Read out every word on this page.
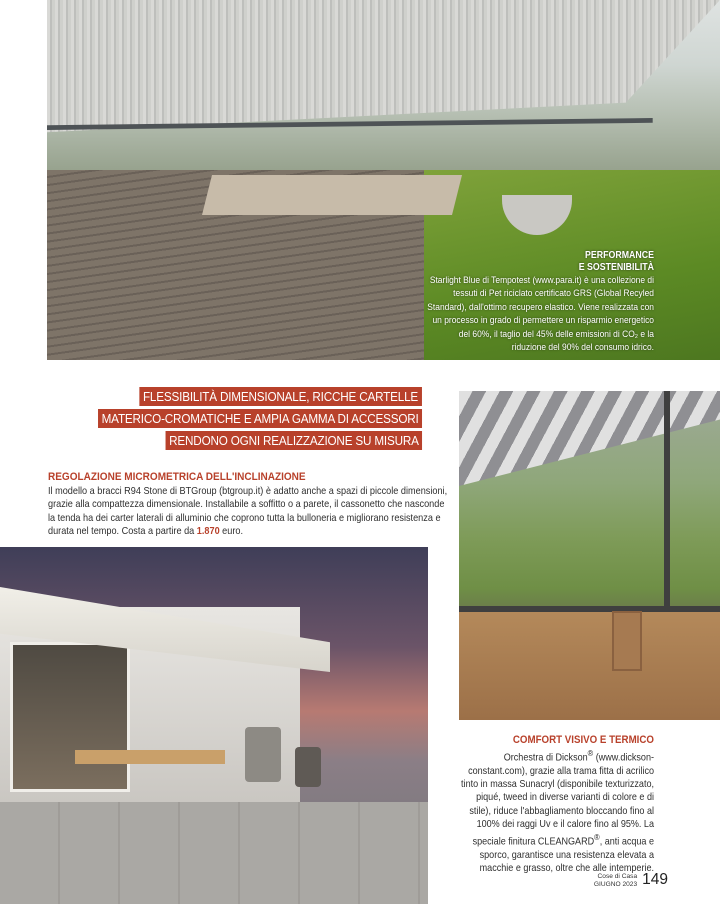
PERFORMANCE
E SOSTENIBILITÀ
Starlight Blue di Tempotest (www.para.it) è una collezione di tessuti di Pet riciclato certificato GRS (Global Recyled Standard), dall'ottimo recupero elastico. Viene realizzata con un processo in grado di permettere un risparmio energetico del 60%, il taglio del 45% delle emissioni di CO₂ e la riduzione del 90% del consumo idrico.
FLESSIBILITÀ DIMENSIONALE, RICCHE CARTELLE
MATERICO-CROMATICHE E AMPIA GAMMA DI ACCESSORI
RENDONO OGNI REALIZZAZIONE SU MISURA
REGOLAZIONE MICROMETRICA DELL'INCLINAZIONE
Il modello a bracci R94 Stone di BTGroup (btgroup.it) è adatto anche a spazi di piccole dimensioni, grazie alla compattezza dimensionale. Installabile a soffitto o a parete, il cassonetto che nasconde la tenda ha dei carter laterali di alluminio che coprono tutta la bulloneria e migliorano resistenza e durata nel tempo. Costa a partire da 1.870 euro.
COMFORT VISIVO E TERMICO
Orchestra di Dickson® (www.dickson-constant.com), grazie alla trama fitta di acrilico tinto in massa Sunacryl (disponibile texturizzato, piqué, tweed in diverse varianti di colore e di stile), riduce l'abbagliamento bloccando fino al 100% dei raggi Uv e il calore fino al 95%. La speciale finitura CLEANGARD®, anti acqua e sporco, garantisce una resistenza elevata a macchie e grasso, oltre che alle intemperie.
Cose di Casa
GIUGNO 2023 149
